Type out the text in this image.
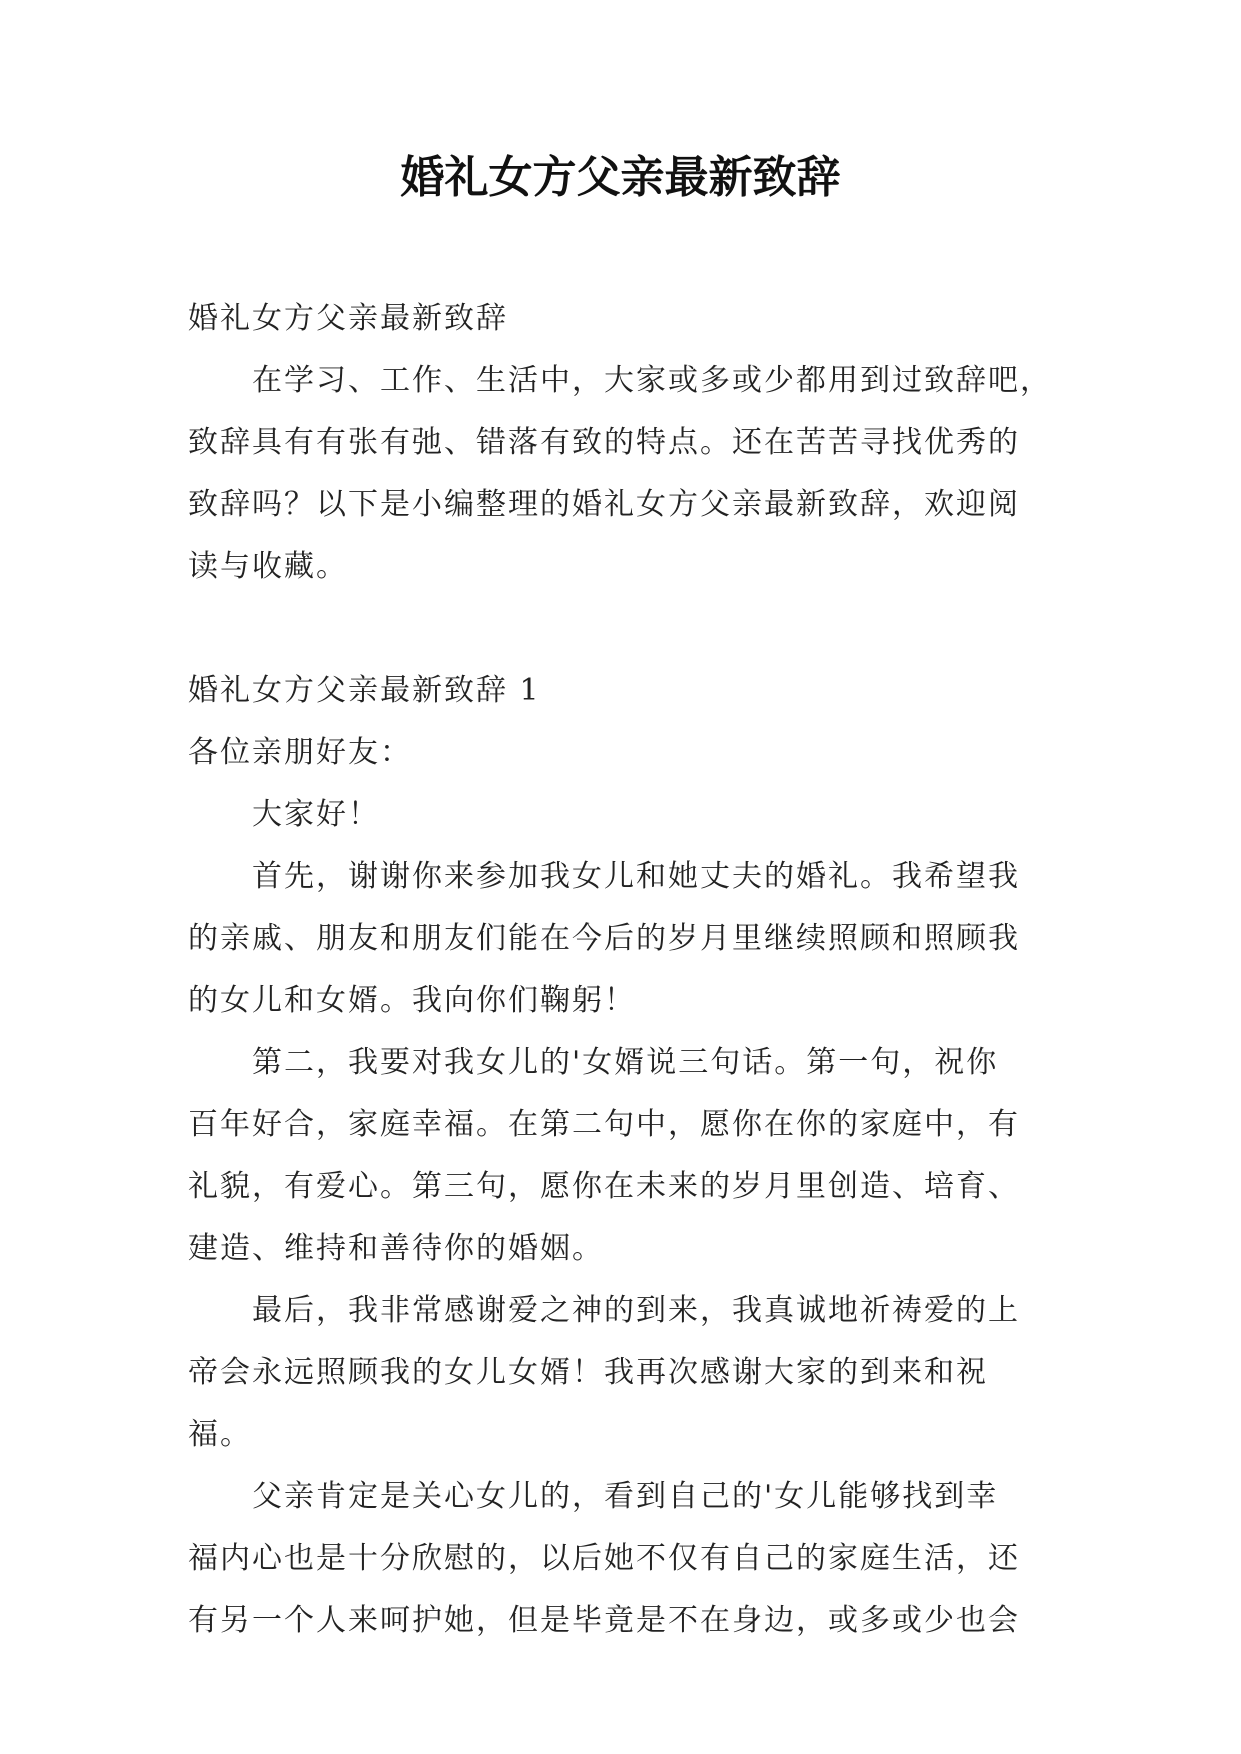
婚礼女方父亲最新致辞
婚礼女方父亲最新致辞
　　在学习、工作、生活中，大家或多或少都用到过致辞吧，
致辞具有有张有弛、错落有致的特点。还在苦苦寻找优秀的
致辞吗？以下是小编整理的婚礼女方父亲最新致辞，欢迎阅
读与收藏。
婚礼女方父亲最新致辞 1
各位亲朋好友：
　　大家好！
　　首先，谢谢你来参加我女儿和她丈夫的婚礼。我希望我
的亲戚、朋友和朋友们能在今后的岁月里继续照顾和照顾我
的女儿和女婿。我向你们鞠躬！
　　第二，我要对我女儿的'女婿说三句话。第一句，祝你
百年好合，家庭幸福。在第二句中，愿你在你的家庭中，有
礼貌，有爱心。第三句，愿你在未来的岁月里创造、培育、
建造、维持和善待你的婚姻。
　　最后，我非常感谢爱之神的到来，我真诚地祈祷爱的上
帝会永远照顾我的女儿女婿！我再次感谢大家的到来和祝
福。
　　父亲肯定是关心女儿的，看到自己的'女儿能够找到幸
福内心也是十分欣慰的，以后她不仅有自己的家庭生活，还
有另一个人来呵护她，但是毕竟是不在身边，或多或少也会
